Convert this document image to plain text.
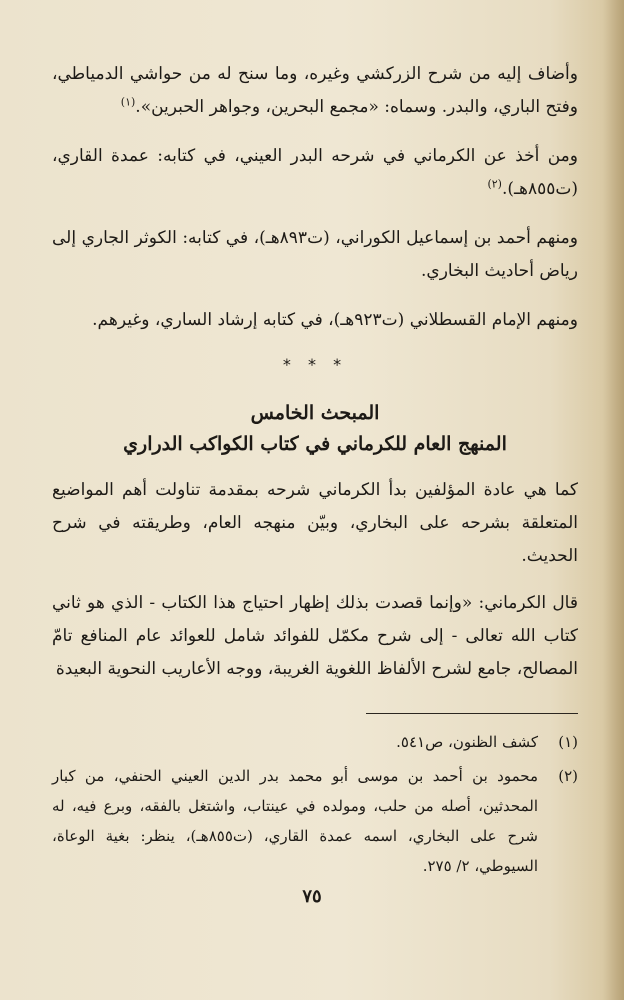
وأضاف إليه من شرح الزركشي وغيره، وما سنح له من حواشي الدمياطي، وفتح الباري، والبدر. وسماه: «مجمع البحرين، وجواهر الحبرين».$^{(١)}$

ومن أخذ عن الكرماني في شرحه البدر العيني، في كتابه: عمدة القاري، (ت٨٥٥هـ).$^{(٢)}$

ومنهم أحمد بن إسماعيل الكوراني، (ت٨٩٣هـ)، في كتابه: الكوثر الجاري إلى رياض أحاديث البخاري.

ومنهم الإمام القسطلاني (ت٩٢٣هـ)، في كتابه إرشاد الساري، وغيرهم.

* * *
المبحث الخامس
المنهج العام للكرماني في كتاب الكواكب الدراري

كما هي عادة المؤلفين بدأ الكرماني شرحه بمقدمة تناولت أهم المواضيع المتعلقة بشرحه على البخاري، وبيّن منهجه العام، وطريقته في شرح الحديث.

قال الكرماني: «وإنما قصدت بذلك إظهار احتياج هذا الكتاب - الذي هو ثاني كتاب الله تعالى - إلى شرح مكمّل للفوائد شامل للعوائد عام المنافع تامّ المصالح، جامع لشرح الألفاظ اللغوية الغريبة، ووجه الأعاريب النحوية البعيدة

(١)
كشف الظنون، ص٥٤١.
(٢)
محمود بن أحمد بن موسى أبو محمد بدر الدين العيني الحنفي، من كبار المحدثين، أصله من حلب، ومولده في عينتاب، واشتغل بالفقه، وبرع فيه، له شرح على البخاري، اسمه عمدة القاري، (ت٨٥٥هـ)، ينظر: بغية الوعاة، السيوطي، ٢/ ٢٧٥.
٧٥
